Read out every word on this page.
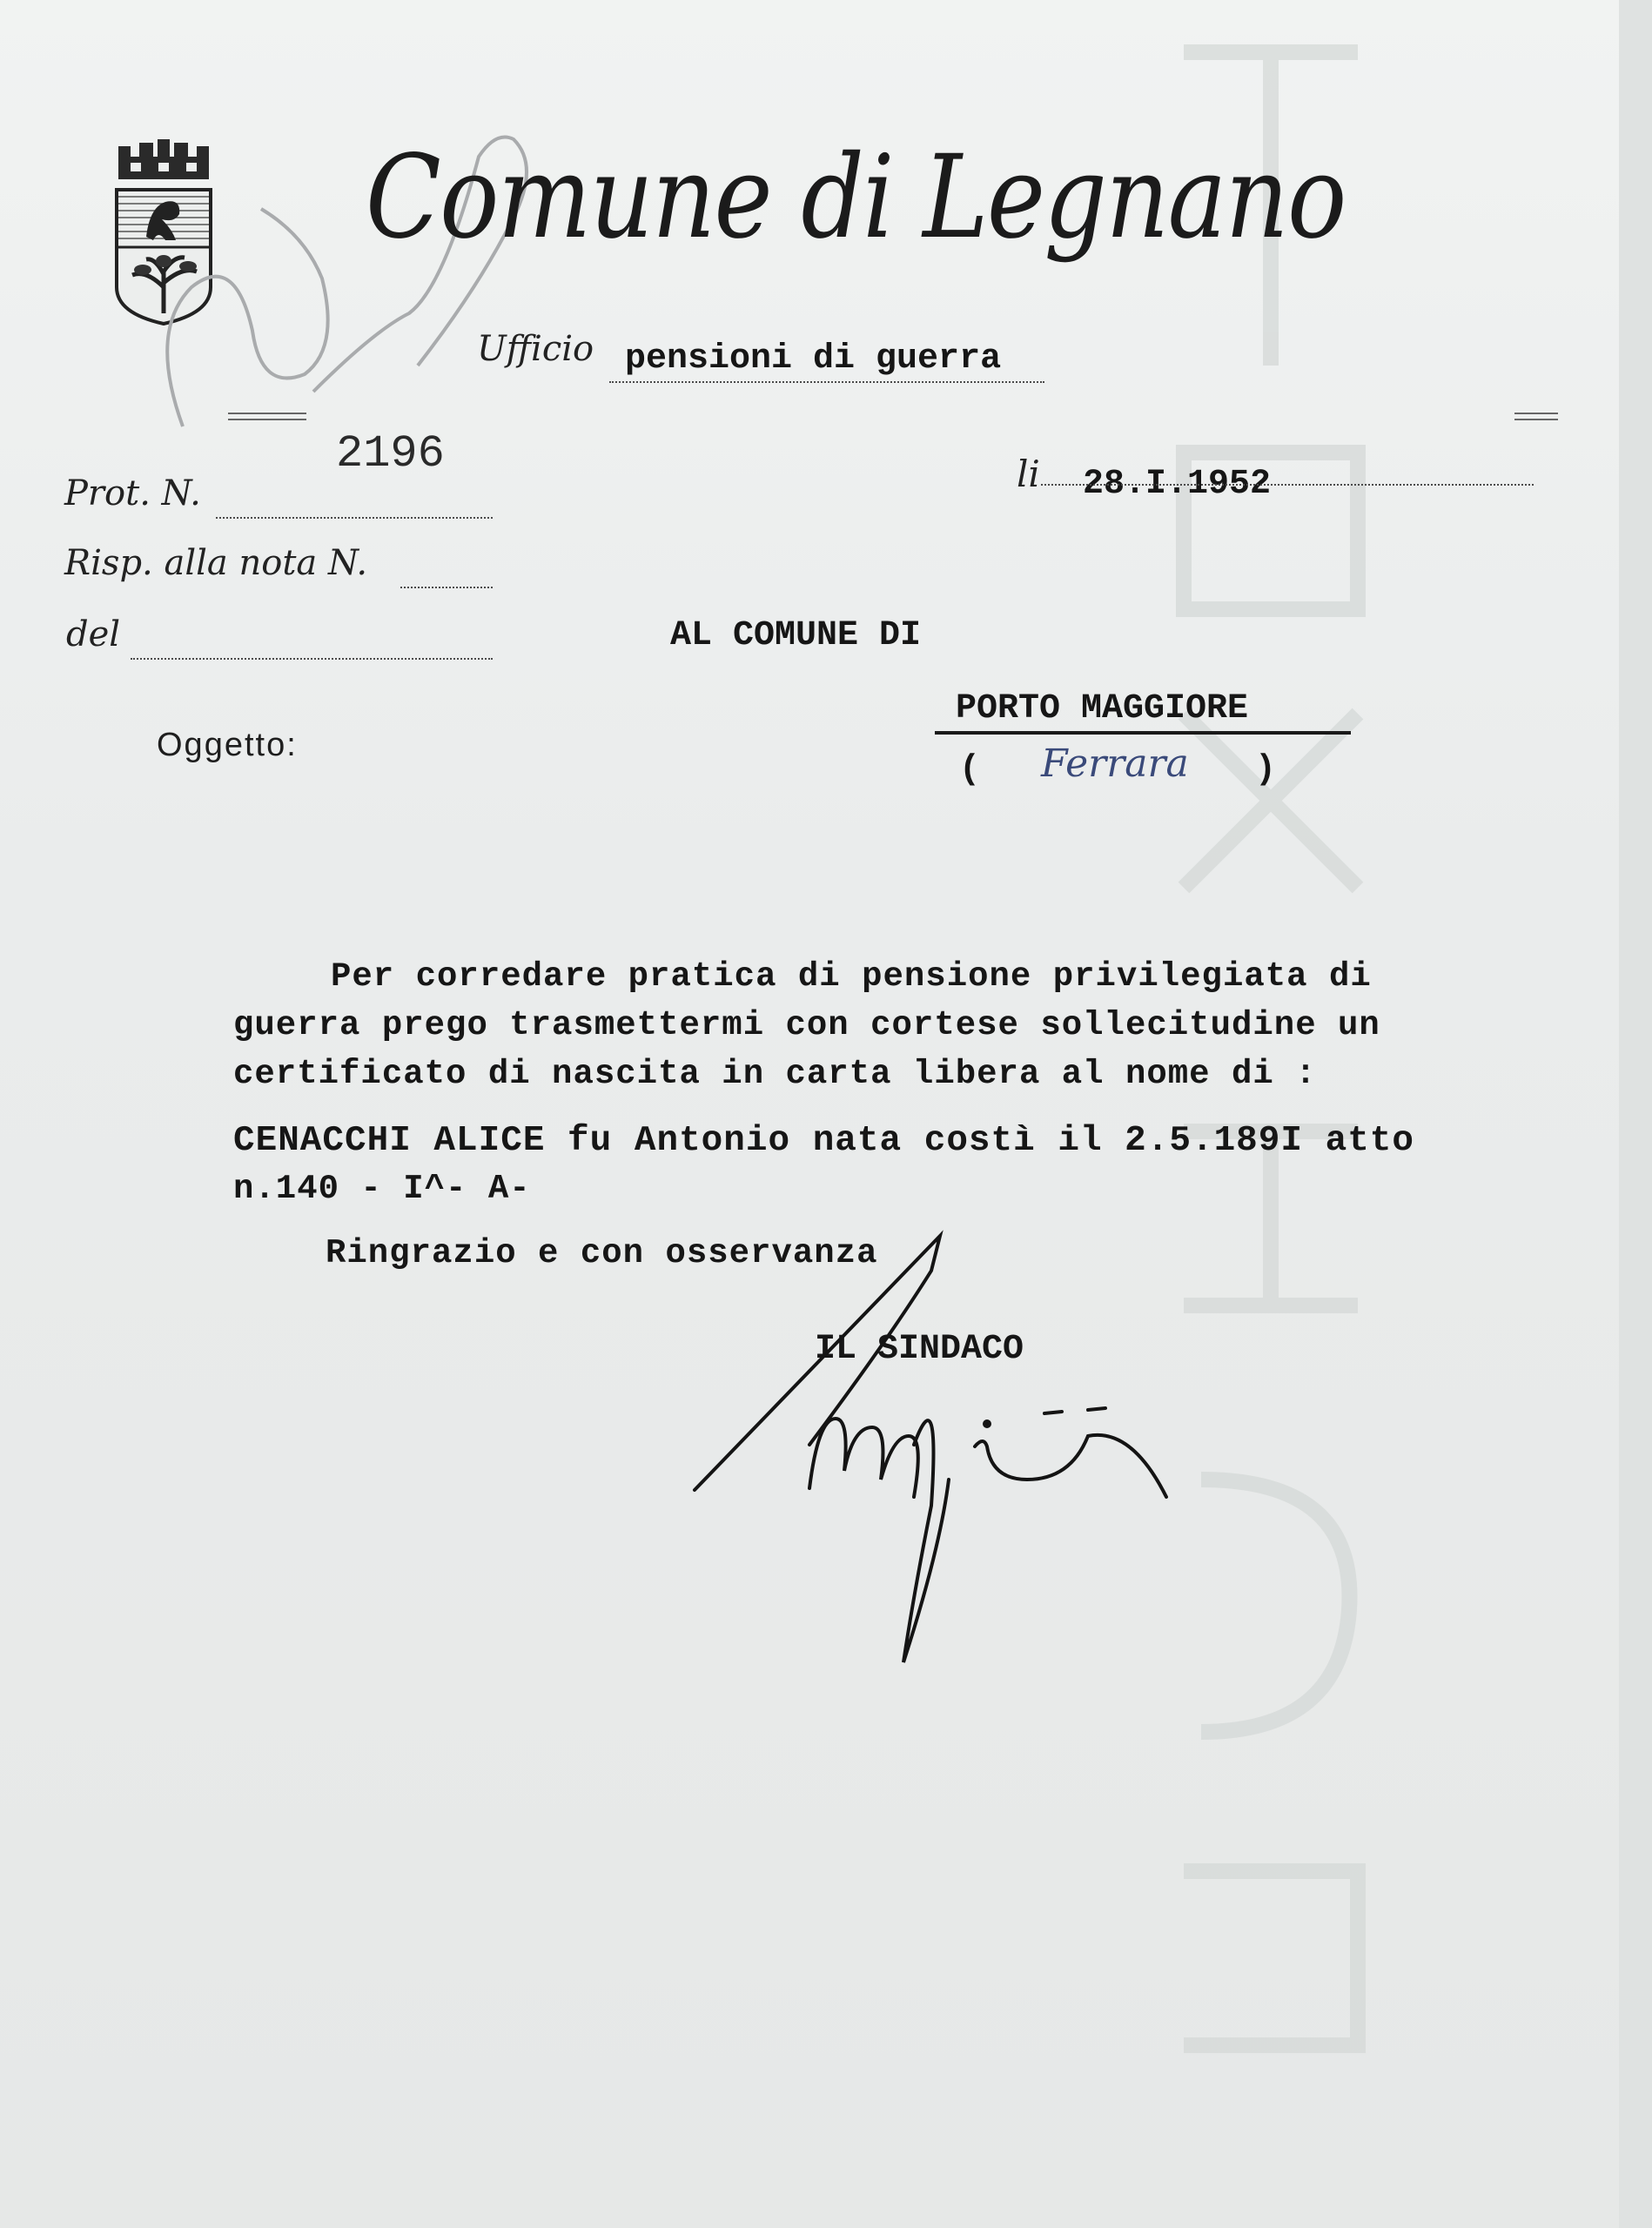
Comune di Legnano
Ufficio pensioni di guerra
Prot. N.
2196
Risp. alla nota N.
del
li 28.I.1952
AL COMUNE DI
PORTO MAGGIORE
( Ferrara )
Oggetto:
Per corredare pratica di pensione privilegiata di
guerra prego trasmettermi con cortese sollecitudine un
certificato di nascita in carta libera al nome di :
CENACCHI ALICE fu Antonio nata costì il 2.5.189I atto
n.140 - I^- A-
Ringrazio e con osservanza
IL SINDACO
